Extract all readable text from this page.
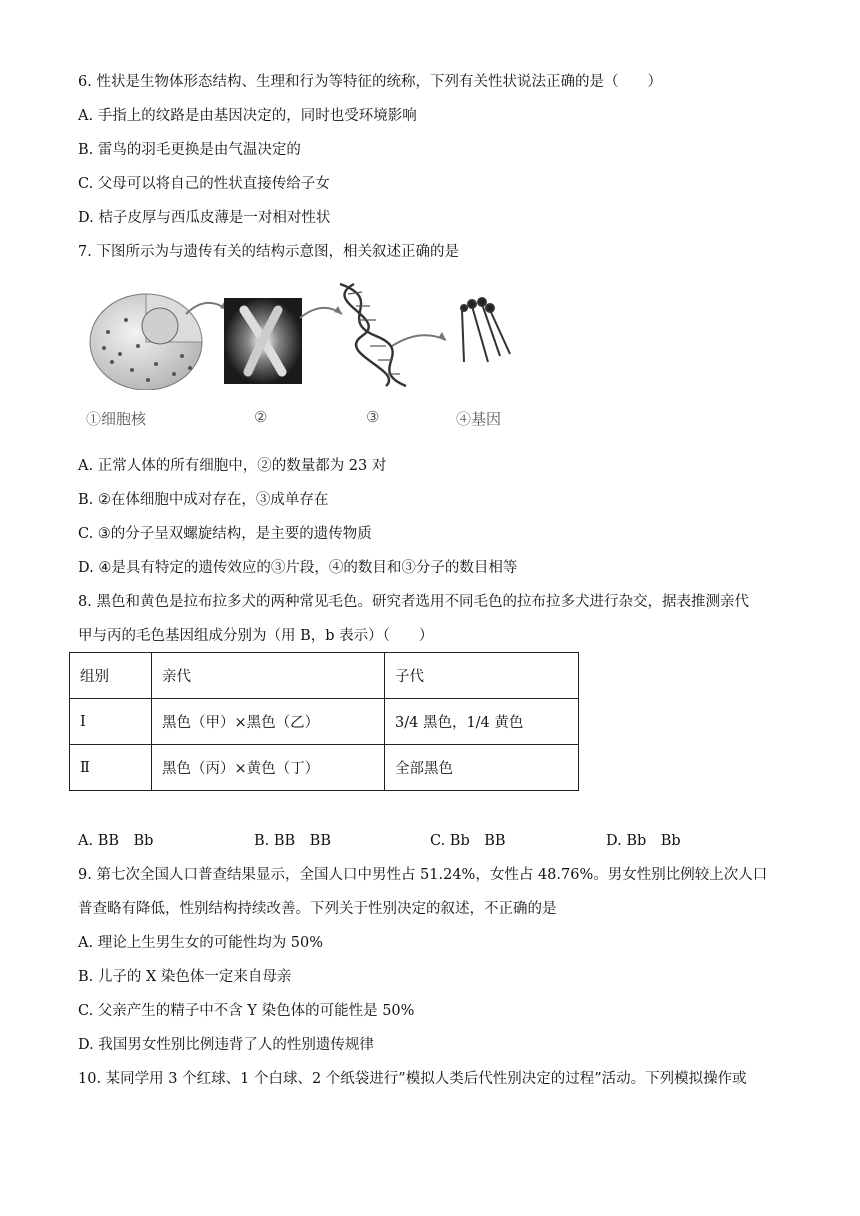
6. 性状是生物体形态结构、生理和行为等特征的统称，下列有关性状说法正确的是（　　）
A. 手指上的纹路是由基因决定的，同时也受环境影响
B. 雷鸟的羽毛更换是由气温决定的
C. 父母可以将自己的性状直接传给子女
D. 桔子皮厚与西瓜皮薄是一对相对性状
7. 下图所示为与遗传有关的结构示意图，相关叙述正确的是
①细胞核	②	③	④基因
A. 正常人体的所有细胞中，②的数量都为 23 对
B. ②在体细胞中成对存在，③成单存在
C. ③的分子呈双螺旋结构，是主要的遗传物质
D. ④是具有特定的遗传效应的③片段，④的数目和③分子的数目相等
8. 黑色和黄色是拉布拉多犬的两种常见毛色。研究者选用不同毛色的拉布拉多犬进行杂交，据表推测亲代
甲与丙的毛色基因组成分别为（用 B，b 表示）（　　）
组别	亲代	子代
Ⅰ	黑色（甲）×黑色（乙）	3/4 黑色，1/4 黄色
Ⅱ	黑色（丙）×黄色（丁）	全部黑色
A. BB　Bb	B. BB　BB	C. Bb　BB	D. Bb　Bb
9. 第七次全国人口普查结果显示，全国人口中男性占 51.24%，女性占 48.76%。男女性别比例较上次人口
普查略有降低，性别结构持续改善。下列关于性别决定的叙述，不正确的是
A. 理论上生男生女的可能性均为 50%
B. 儿子的 X 染色体一定来自母亲
C. 父亲产生的精子中不含 Y 染色体的可能性是 50%
D. 我国男女性别比例违背了人的性别遗传规律
10. 某同学用 3 个红球、1 个白球、2 个纸袋进行”模拟人类后代性别决定的过程”活动。下列模拟操作或
